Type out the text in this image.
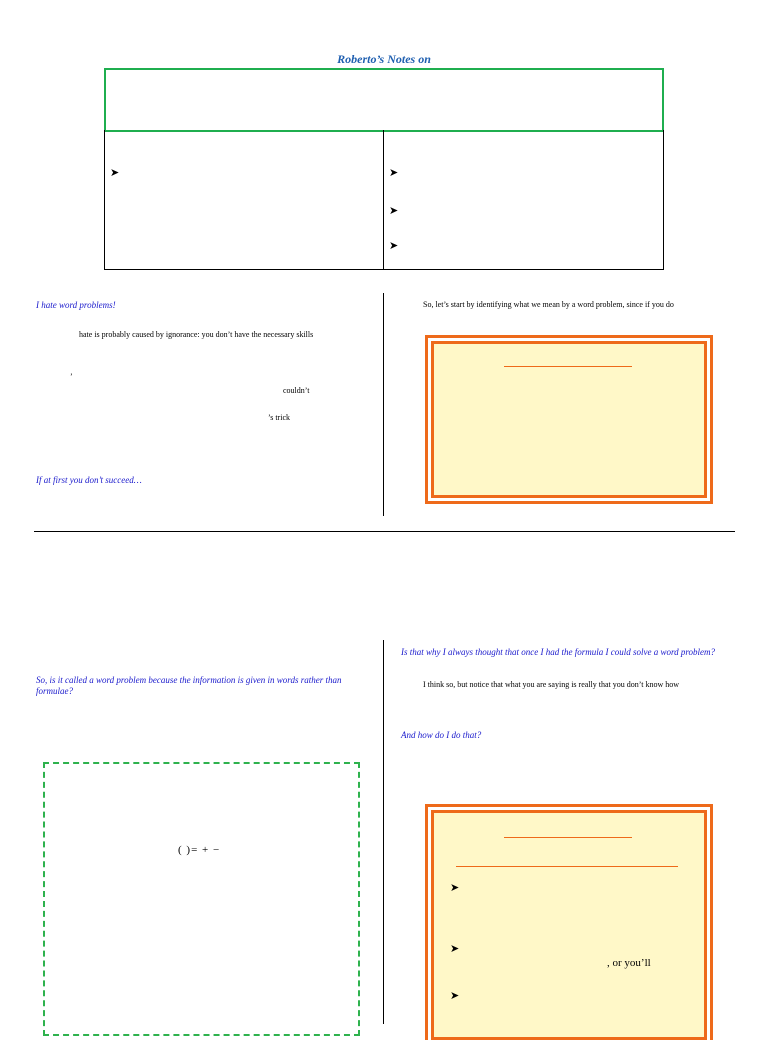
Roberto’s Notes on
➤	➤
➤
➤
I hate word problems!
hate is probably caused by ignorance: you don’t have the necessary skills
’
couldn’t
’s trick
If at first you don’t succeed…
So, let’s start by identifying what we mean by a word problem, since if you do
So, is it called a word problem because the information is given in words rather than formulae?
( )= + −
Is that why I always thought that once I had the formula I could solve a word problem?
I think so, but notice that what you are saying is really that you don’t know how
And how do I do that?
➤
➤
, or you’ll
➤
